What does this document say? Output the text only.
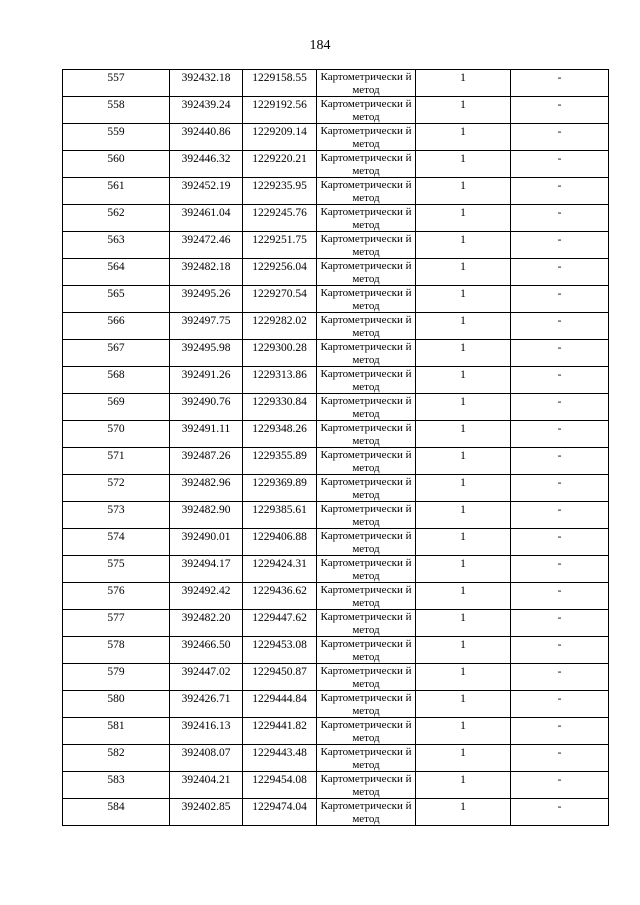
184
557	392432.18	1229158.55	Картометрически й метод	1	-

558	392439.24	1229192.56	Картометрически й метод	1	-

559	392440.86	1229209.14	Картометрически й метод	1	-

560	392446.32	1229220.21	Картометрически й метод	1	-

561	392452.19	1229235.95	Картометрически й метод	1	-

562	392461.04	1229245.76	Картометрически й метод	1	-

563	392472.46	1229251.75	Картометрически й метод	1	-

564	392482.18	1229256.04	Картометрически й метод	1	-

565	392495.26	1229270.54	Картометрически й метод	1	-

566	392497.75	1229282.02	Картометрически й метод	1	-

567	392495.98	1229300.28	Картометрически й метод	1	-

568	392491.26	1229313.86	Картометрически й метод	1	-

569	392490.76	1229330.84	Картометрически й метод	1	-

570	392491.11	1229348.26	Картометрически й метод	1	-

571	392487.26	1229355.89	Картометрически й метод	1	-

572	392482.96	1229369.89	Картометрически й метод	1	-

573	392482.90	1229385.61	Картометрически й метод	1	-

574	392490.01	1229406.88	Картометрически й метод	1	-

575	392494.17	1229424.31	Картометрически й метод	1	-

576	392492.42	1229436.62	Картометрически й метод	1	-

577	392482.20	1229447.62	Картометрически й метод	1	-

578	392466.50	1229453.08	Картометрически й метод	1	-

579	392447.02	1229450.87	Картометрически й метод	1	-

580	392426.71	1229444.84	Картометрически й метод	1	-

581	392416.13	1229441.82	Картометрически й метод	1	-

582	392408.07	1229443.48	Картометрически й метод	1	-

583	392404.21	1229454.08	Картометрически й метод	1	-

584	392402.85	1229474.04	Картометрически й метод	1	-
